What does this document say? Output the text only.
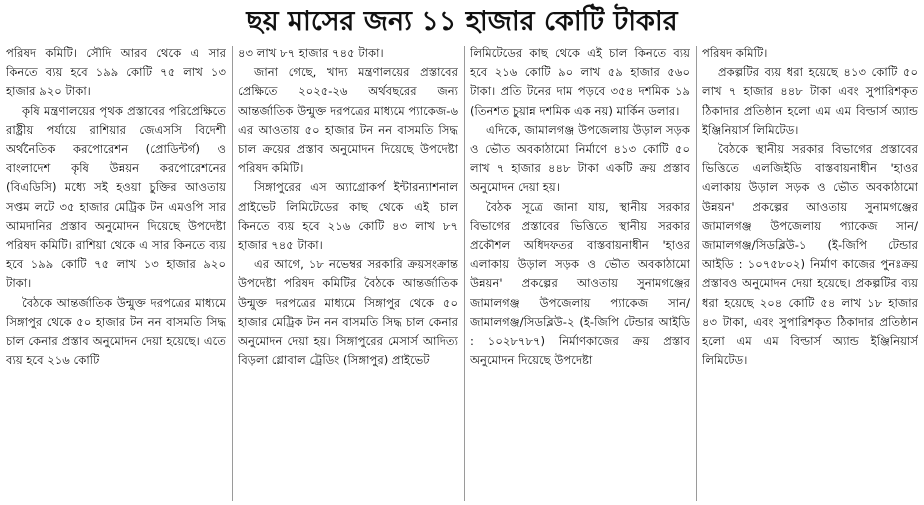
ছয় মাসের জন্য ১১ হাজার কোটি টাকার

পরিষদ কমিটি। সৌদি আরব থেকে এ সার কিনতে ব্যয় হবে ১৯৯ কোটি ৭৫ লাখ ১৩ হাজার ৯২০ টাকা।

কৃষি মন্ত্রণালয়ের পৃথক প্রস্তাবের পরিপ্রেক্ষিতে রাষ্ট্রীয় পর্যায়ে রাশিয়ার জেএসসি বিদেশী অর্থনৈতিক করপোরেশন (প্রোডিন্টর্গ) ও বাংলাদেশ কৃষি উন্নয়ন করপোরেশনের (বিএডিসি) মধ্যে সই হওয়া চুক্তির আওতায় সপ্তম লটে ৩৫ হাজার মেট্রিক টন এমওপি সার আমদানির প্রস্তাব অনুমোদন দিয়েছে উপদেষ্টা পরিষদ কমিটি। রাশিয়া থেকে এ সার কিনতে ব্যয় হবে ১৯৯ কোটি ৭৫ লাখ ১৩ হাজার ৯২০ টাকা।

বৈঠকে আন্তর্জাতিক উন্মুক্ত দরপত্রের মাধ্যমে সিঙ্গাপুর থেকে ৫০ হাজার টন নন বাসমতি সিদ্ধ চাল কেনার প্রস্তাব অনুমোদন দেয়া হয়েছে। এতে ব্যয় হবে ২১৬ কোটি

৪৩ লাখ ৮৭ হাজার ৭৪৫ টাকা।

জানা গেছে, খাদ্য মন্ত্রণালয়ের প্রস্তাবের প্রেক্ষিতে ২০২৫-২৬ অর্থবছরের জন্য আন্তর্জাতিক উন্মুক্ত দরপত্রের মাধ্যমে প্যাকেজ-৬ এর আওতায় ৫০ হাজার টন নন বাসমতি সিদ্ধ চাল ক্রয়ের প্রস্তাব অনুমোদন দিয়েছে উপদেষ্টা পরিষদ কমিটি।

সিঙ্গাপুরের এস অ্যাগ্রোকর্প ইন্টারন্যাশনাল প্রাইভেট লিমিটেডের কাছ থেকে এই চাল কিনতে ব্যয় হবে ২১৬ কোটি ৪৩ লাখ ৮৭ হাজার ৭৪৫ টাকা।

এর আগে, ১৮ নভেম্বর সরকারি ক্রয়সংক্রান্ত উপদেষ্টা পরিষদ কমিটির বৈঠকে আন্তর্জাতিক উন্মুক্ত দরপত্রের মাধ্যমে সিঙ্গাপুর থেকে ৫০ হাজার মেট্রিক টন নন বাসমতি সিদ্ধ চাল কেনার অনুমোদন দেয়া হয়। সিঙ্গাপুরের মেসার্স আদিত্য বিড়লা গ্লোবাল ট্রেডিং (সিঙ্গাপুর) প্রাইভেট

লিমিটেডের কাছ থেকে এই চাল কিনতে ব্যয় হবে ২১৬ কোটি ৯০ লাখ ৫৯ হাজার ৫৬০ টাকা। প্রতি টনের দাম পড়বে ৩৫৪ দশমিক ১৯ (তিনশত চুয়ান্ন দশমিক এক নয়) মার্কিন ডলার।

এদিকে, জামালগঞ্জ উপজেলায় উড়াল সড়ক ও ভৌত অবকাঠামো নির্মাণে ৪১৩ কোটি ৫০ লাখ ৭ হাজার ৪৪৮ টাকা একটি ক্রয় প্রস্তাব অনুমোদন দেয়া হয়।

বৈঠক সূত্রে জানা যায়, স্থানীয় সরকার বিভাগের প্রস্তাবের ভিত্তিতে স্থানীয় সরকার প্রকৌশল অধিদফতর বাস্তবায়নাধীন 'হাওর এলাকায় উড়াল সড়ক ও ভৌত অবকাঠামো উন্নয়ন' প্রকল্পের আওতায় সুনামগঞ্জের জামালগঞ্জ উপজেলায় প্যাকেজ সান/জামালগঞ্জ/সিডব্লিউ-২ (ই-জিপি টেন্ডার আইডি : ১০২৮৭৮৭) নির্মাণকাজের ক্রয় প্রস্তাব অনুমোদন দিয়েছে উপদেষ্টা

পরিষদ কমিটি।

প্রকল্পটির ব্যয় ধরা হয়েছে ৪১৩ কোটি ৫০ লাখ ৭ হাজার ৪৪৮ টাকা এবং সুপারিশকৃত ঠিকাদার প্রতিষ্ঠান হলো এম এম বিল্ডার্স অ্যান্ড ইঞ্জিনিয়ার্স লিমিটেড।

বৈঠকে স্থানীয় সরকার বিভাগের প্রস্তাবের ভিত্তিতে এলজিইডি বাস্তবায়নাধীন 'হাওর এলাকায় উড়াল সড়ক ও ভৌত অবকাঠামো উন্নয়ন' প্রকল্পের আওতায় সুনামগঞ্জের জামালগঞ্জ উপজেলায় প্যাকেজ সান/জামালগঞ্জ/সিডব্লিউ-১ (ই-জিপি টেন্ডার আইডি : ১০৭৫৮০২) নির্মাণ কাজের পুনঃক্রয় প্রস্তাবও অনুমোদন দেয়া হয়েছে। প্রকল্পটির ব্যয় ধরা হয়েছে ২০৪ কোটি ৫৪ লাখ ১৮ হাজার ৪৩ টাকা, এবং সুপারিশকৃত ঠিকাদার প্রতিষ্ঠান হলো এম এম বিল্ডার্স অ্যান্ড ইঞ্জিনিয়ার্স লিমিটেড।
